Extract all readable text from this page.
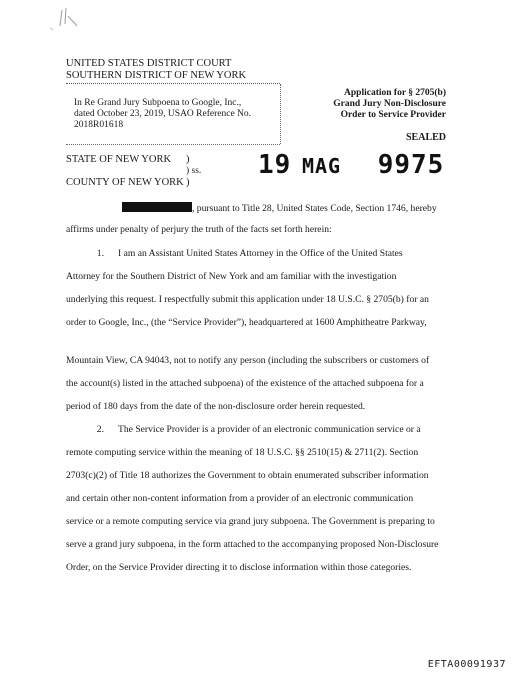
UNITED STATES DISTRICT COURT
SOUTHERN DISTRICT OF NEW YORK
In Re Grand Jury Subpoena to Google, Inc.,
dated October 23, 2019, USAO Reference No.
2018R01618
Application for § 2705(b)
Grand Jury Non-Disclosure
Order to Service Provider
SEALED
STATE OF NEW YORK )
) ss.
COUNTY OF NEW YORK )
19 MAG 9975
, pursuant to Title 28, United States Code, Section 1746, hereby
affirms under penalty of perjury the truth of the facts set forth herein:
1. I am an Assistant United States Attorney in the Office of the United States
Attorney for the Southern District of New York and am familiar with the investigation
underlying this request. I respectfully submit this application under 18 U.S.C. § 2705(b) for an
order to Google, Inc., (the “Service Provider”), headquartered at 1600 Amphitheatre Parkway,
Mountain View, CA 94043, not to notify any person (including the subscribers or customers of
the account(s) listed in the attached subpoena) of the existence of the attached subpoena for a
period of 180 days from the date of the non-disclosure order herein requested.
2. The Service Provider is a provider of an electronic communication service or a
remote computing service within the meaning of 18 U.S.C. §§ 2510(15) & 2711(2). Section
2703(c)(2) of Title 18 authorizes the Government to obtain enumerated subscriber information
and certain other non-content information from a provider of an electronic communication
service or a remote computing service via grand jury subpoena. The Government is preparing to
serve a grand jury subpoena, in the form attached to the accompanying proposed Non-Disclosure
Order, on the Service Provider directing it to disclose information within those categories.
EFTA00091937
